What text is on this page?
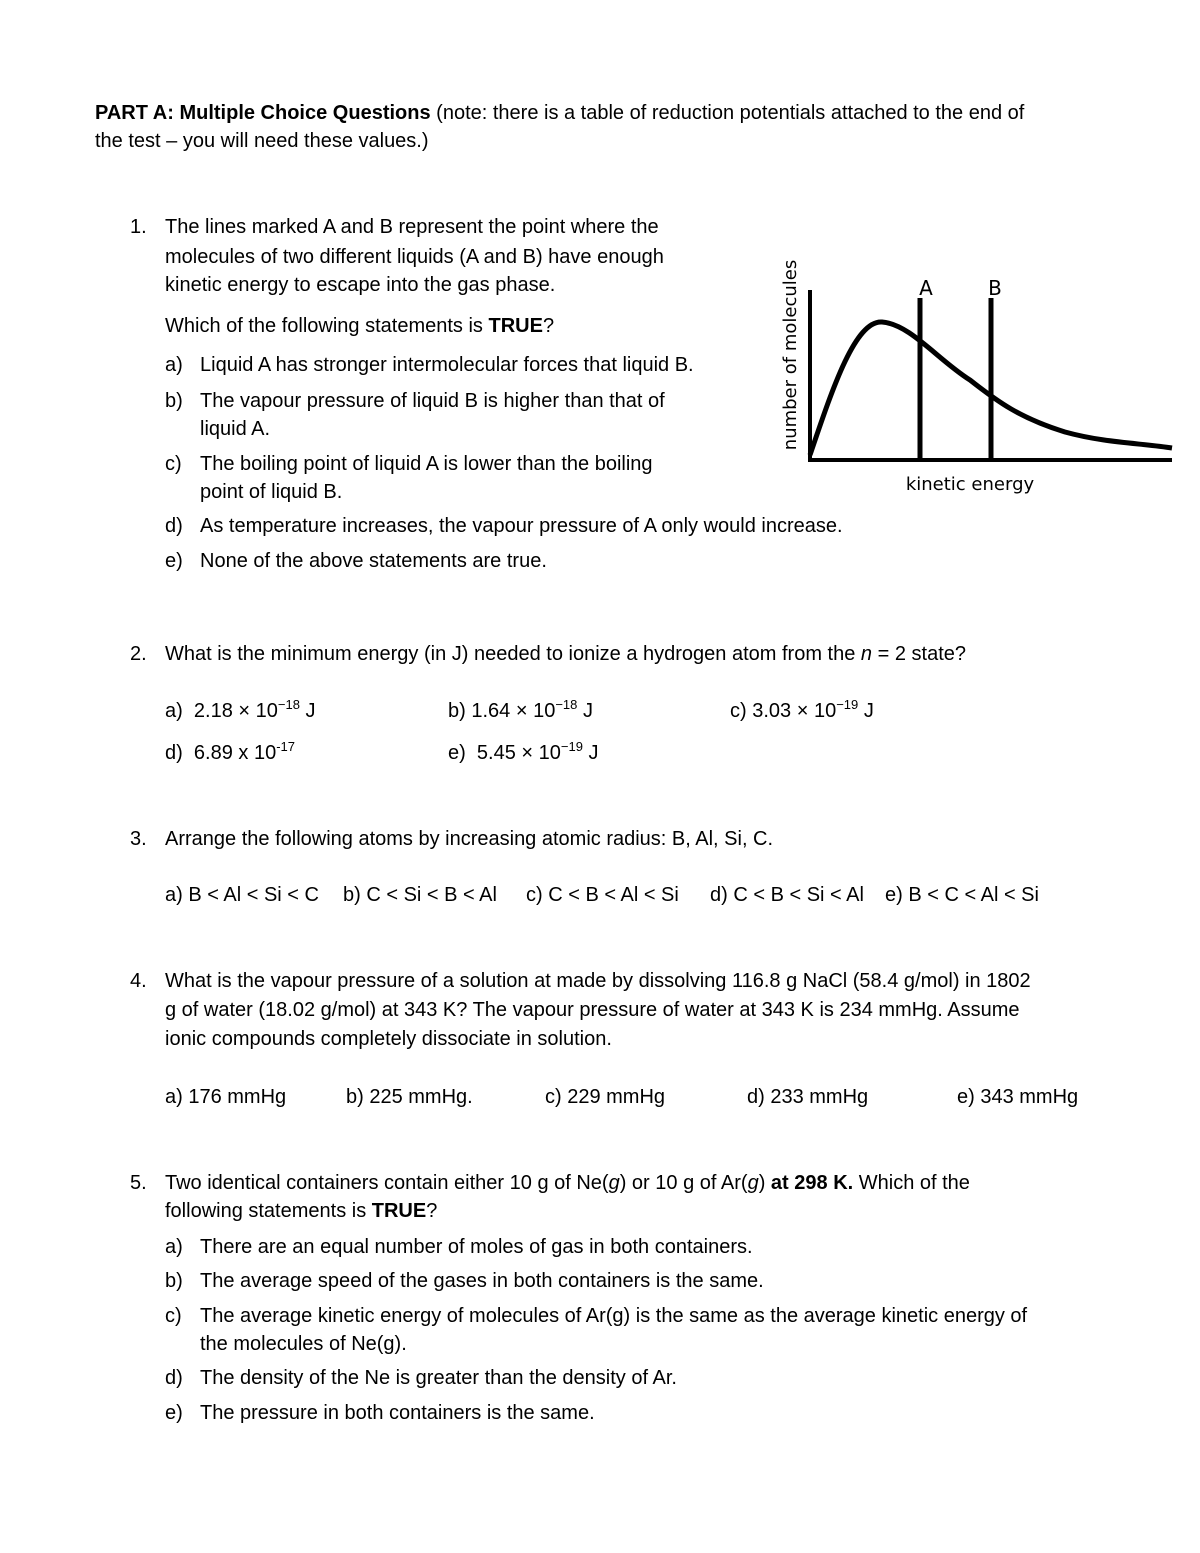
PART A: Multiple Choice Questions (note: there is a table of reduction potentials attached to the end of
the test – you will need these values.)
1. The lines marked A and B represent the point where the
molecules of two different liquids (A and B) have enough
kinetic energy to escape into the gas phase.
Which of the following statements is TRUE?
a) Liquid A has stronger intermolecular forces that liquid B.
b) The vapour pressure of liquid B is higher than that of
liquid A.
c) The boiling point of liquid A is lower than the boiling
point of liquid B.
d) As temperature increases, the vapour pressure of A only would increase.
e) None of the above statements are true.
number of molecules	A	B
kinetic energy
2. What is the minimum energy (in J) needed to ionize a hydrogen atom from the n = 2 state?
a) $2.18 \times 10^{-18}$ J	b) $1.64 \times 10^{-18}$ J	c) $3.03 \times 10^{-19}$ J
d) 6.89 x $10^{-17}$	e) $5.45 \times 10^{-19}$ J
3. Arrange the following atoms by increasing atomic radius: B, Al, Si, C.
a) B < Al < Si < C b) C < Si < B < Al c) C < B < Al < Si d) C < B < Si < Al e) B < C < Al < Si
4. What is the vapour pressure of a solution at made by dissolving 116.8 g NaCl (58.4 g/mol) in 1802
g of water (18.02 g/mol) at 343 K? The vapour pressure of water at 343 K is 234 mmHg. Assume
ionic compounds completely dissociate in solution.
a) 176 mmHg	b) 225 mmHg.	c) 229 mmHg	d) 233 mmHg	e) 343 mmHg
5. Two identical containers contain either 10 g of Ne(g) or 10 g of Ar(g) at 298 K. Which of the
following statements is TRUE?
a) There are an equal number of moles of gas in both containers.
b) The average speed of the gases in both containers is the same.
c) The average kinetic energy of molecules of Ar(g) is the same as the average kinetic energy of
the molecules of Ne(g).
d) The density of the Ne is greater than the density of Ar.
e) The pressure in both containers is the same.
